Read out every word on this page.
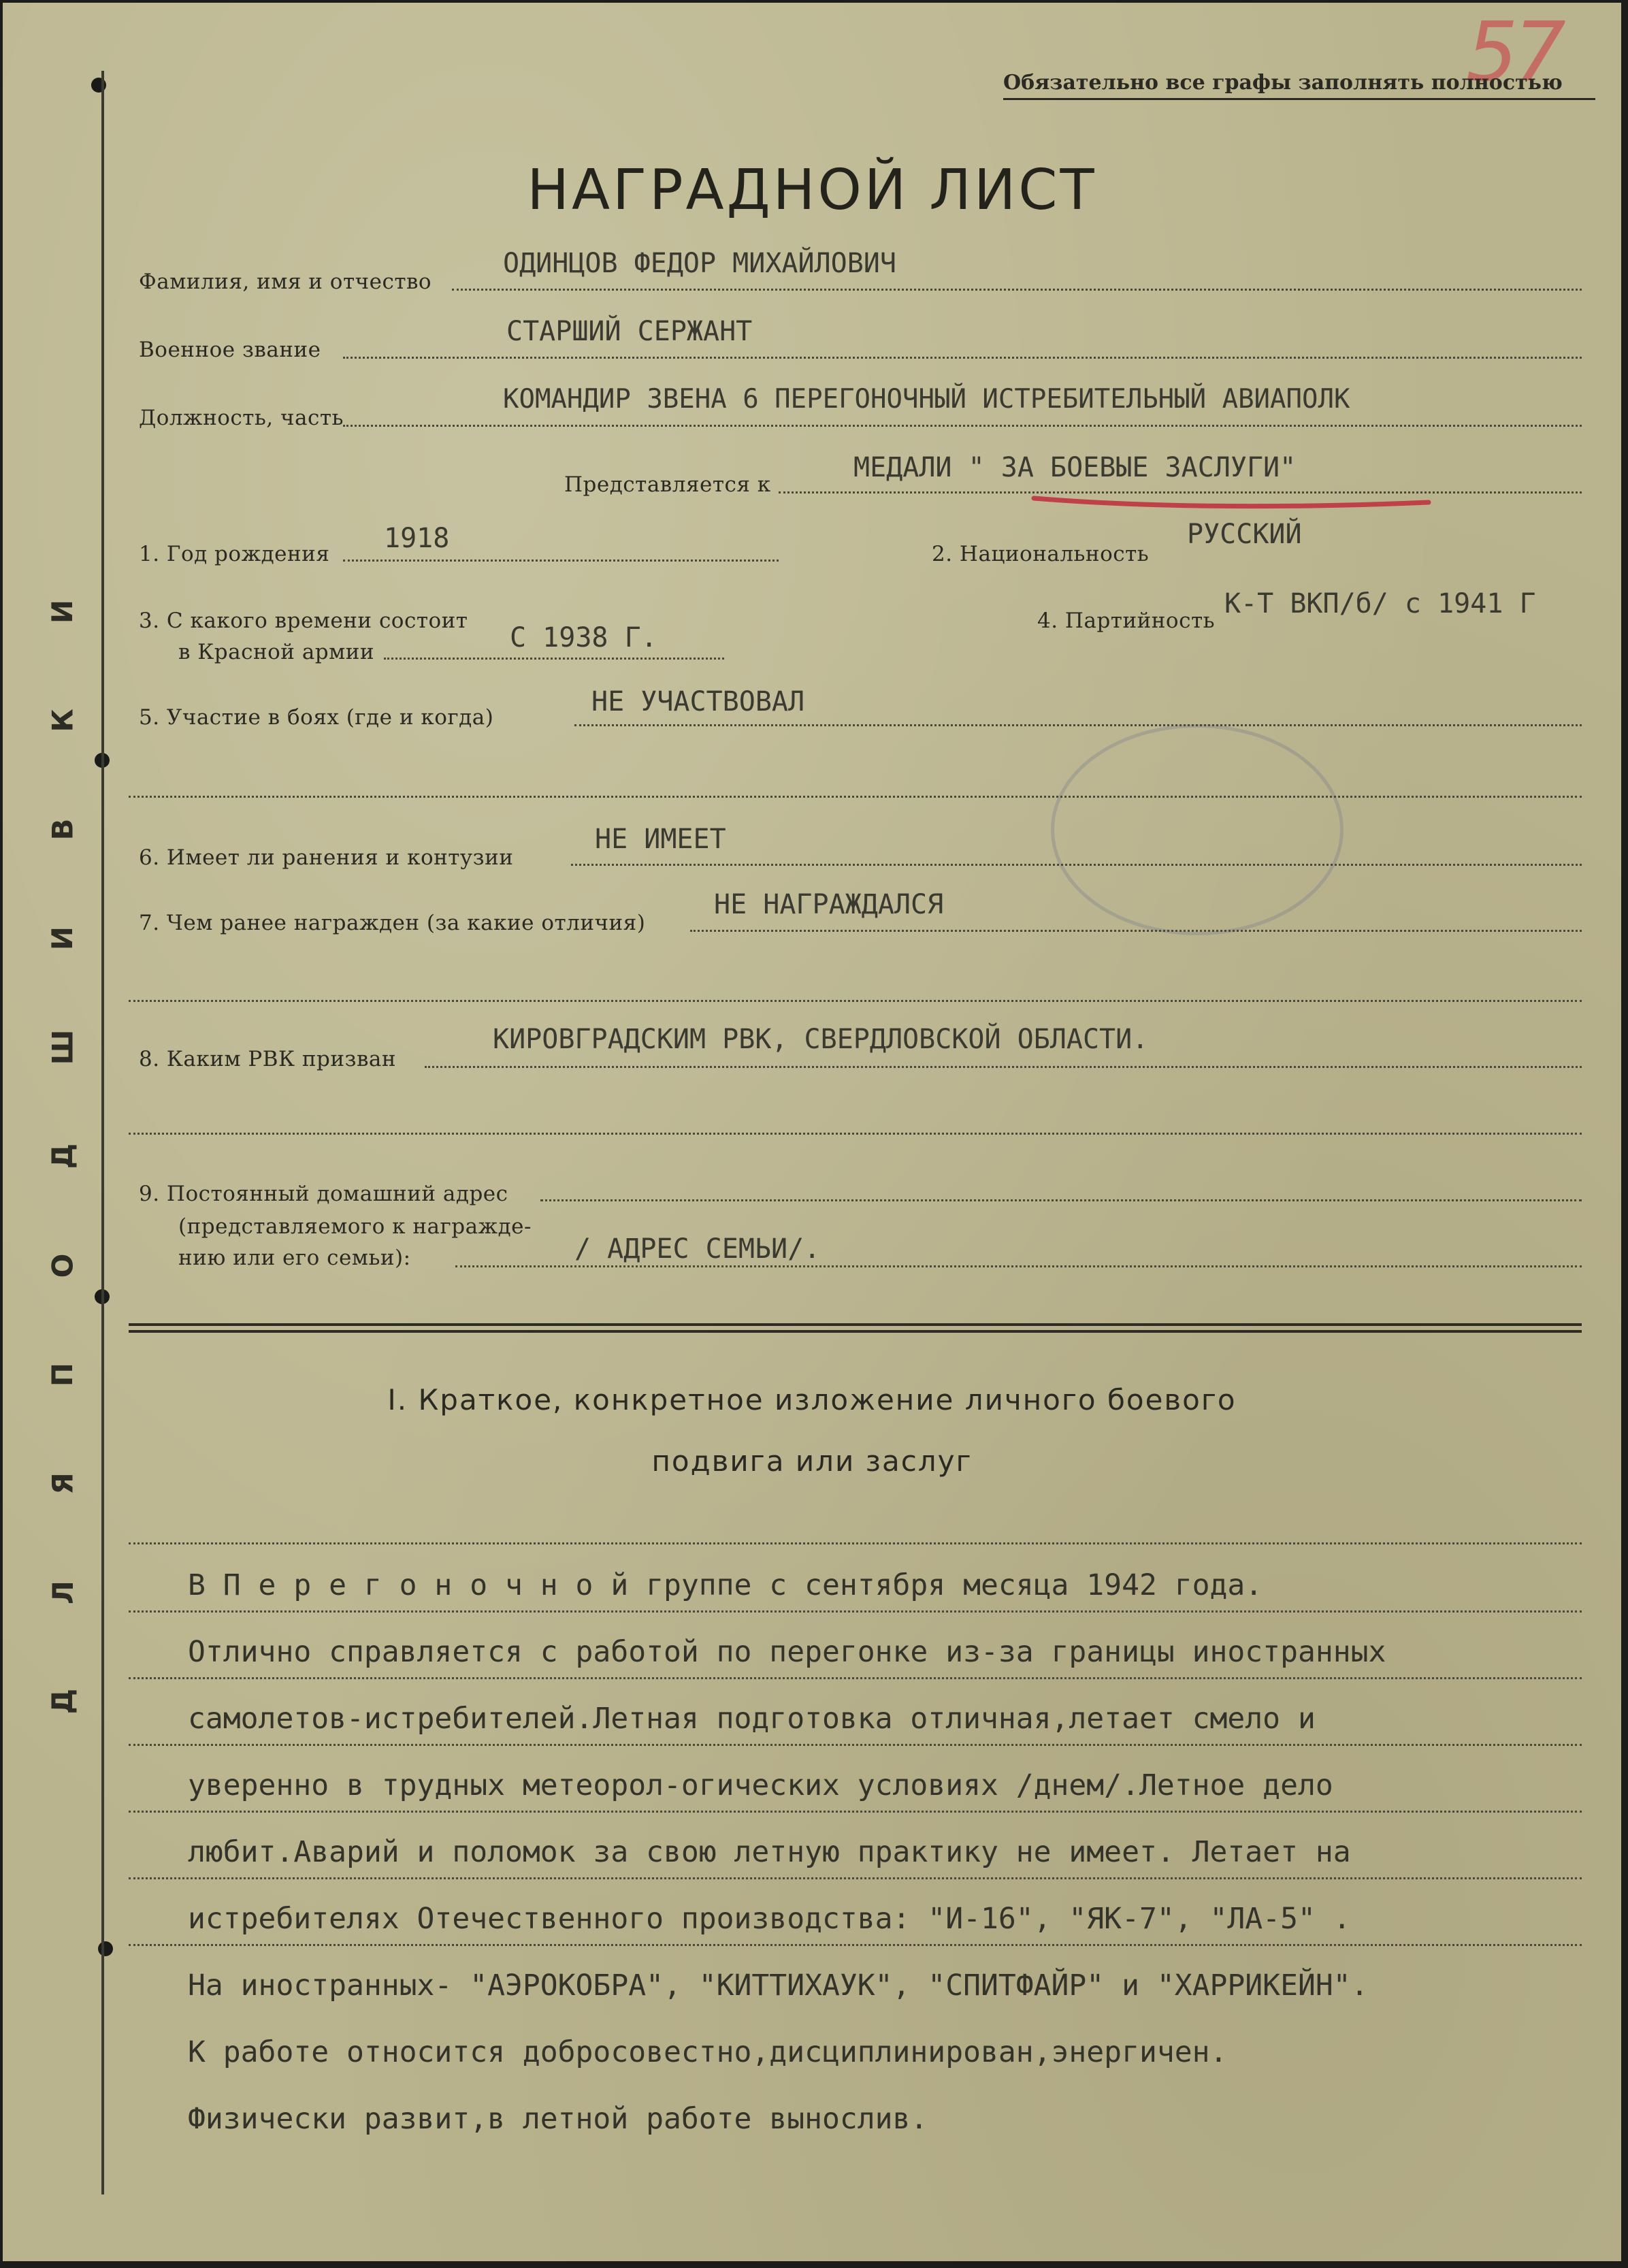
И
К
В
И
Ш
Д
О
П
Я
Л
Д
57
Обязательно все графы заполнять полностью
НАГРАДНОЙ ЛИСТ
Фамилия, имя и отчество
ОДИНЦОВ ФЕДОР МИХАЙЛОВИЧ
Военное звание
СТАРШИЙ СЕРЖАНТ
Должность, часть
КОМАНДИР ЗВЕНА 6 ПЕРЕГОНОЧНЫЙ ИСТРЕБИТЕЛЬНЫЙ АВИАПОЛК
Представляется к
МЕДАЛИ " ЗА БОЕВЫЕ ЗАСЛУГИ"
1. Год рождения 1918	2. Национальность
РУССКИЙ
3. С какого времени состоит
в Красной армии	С 1938 Г.
4. Партийность
К-Т ВКП/б/ с 1941 Г
5. Участие в боях (где и когда)	НЕ УЧАСТВОВАЛ
6. Имеет ли ранения и контузии
НЕ ИМЕЕТ
7. Чем ранее награжден (за какие отличия)
НЕ НАГРАЖДАЛСЯ
8. Каким РВК призван
КИРОВГРАДСКИМ РВК, СВЕРДЛОВСКОЙ ОБЛАСТИ.
9. Постоянный домашний адрес
(представляемого к награжде-
нию или его семьи):	/ АДРЕС СЕМЬИ/.
I. Краткое, конкретное изложение личного боевого
подвига или заслуг
В П е р е г о н о ч н о й группе с сентября месяца 1942 года.
Отлично справляется с работой по перегонке из-за границы иностранных
самолетов-истребителей.Летная подготовка отличная,летает смело и
уверенно в трудных метеорол-огических условиях /днем/.Летное дело
любит.Аварий и поломок за свою летную практику не имеет. Летает на
истребителях Отечественного производства: "И-16", "ЯК-7", "ЛА-5" .
На иностранных- "АЭРОКОБРА", "КИТТИХАУК", "СПИТФАЙР" и "ХАРРИКЕЙН".
К работе относится добросовестно,дисциплинирован,энергичен.
Физически развит,в летной работе вынослив.
